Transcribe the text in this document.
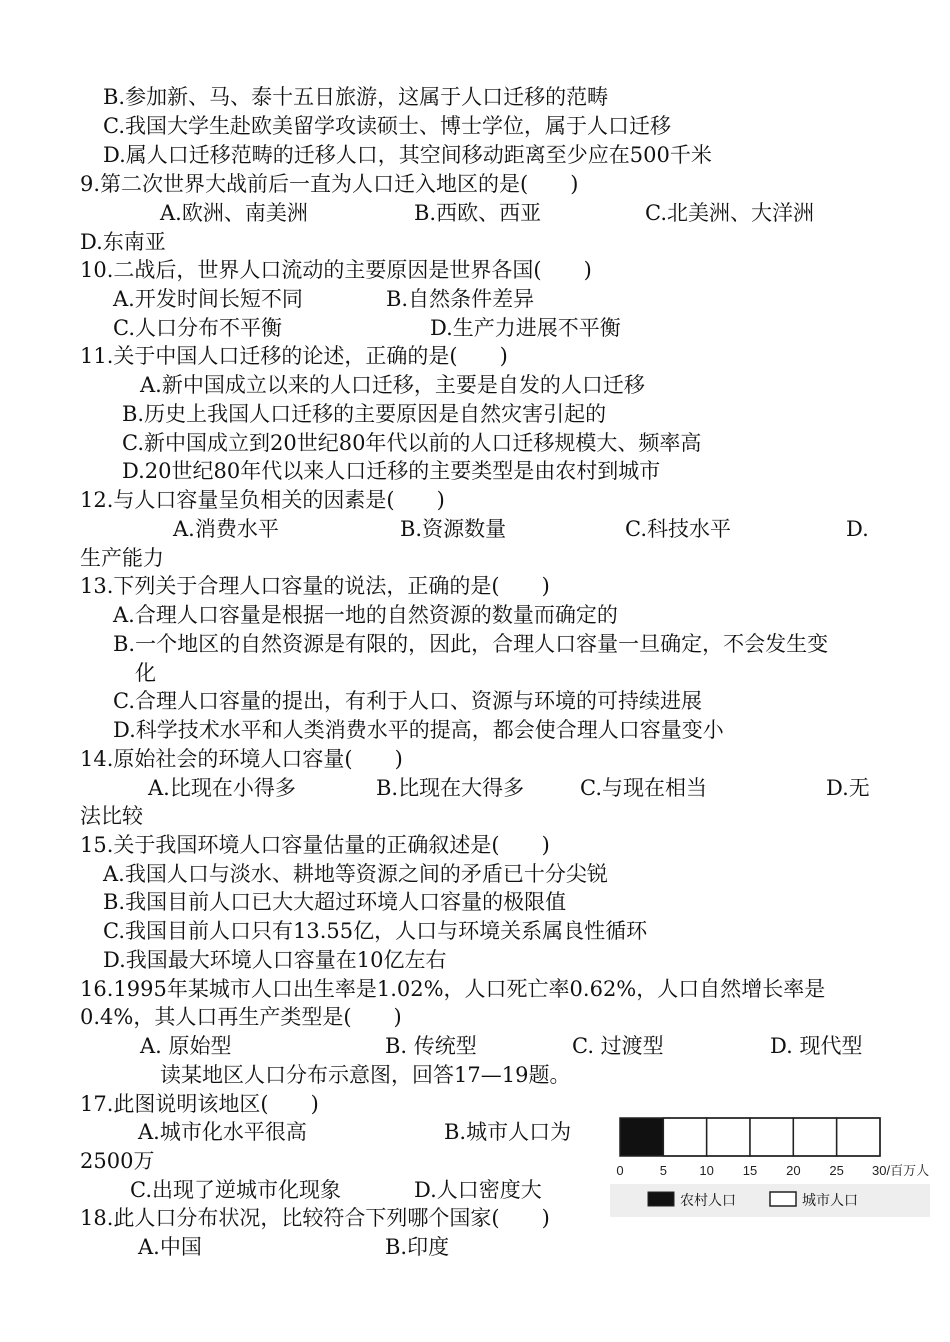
B.参加新、马、泰十五日旅游，这属于人口迁移的范畴
C.我国大学生赴欧美留学攻读硕士、博士学位，属于人口迁移
D.属人口迁移范畴的迁移人口，其空间移动距离至少应在500千米
9.第二次世界大战前后一直为人口迁入地区的是(　　)
A.欧洲、南美洲	B.西欧、西亚	C.北美洲、大洋洲
D.东南亚
10.二战后，世界人口流动的主要原因是世界各国(　　)
A.开发时间长短不同	B.自然条件差异
C.人口分布不平衡	D.生产力进展不平衡
11.关于中国人口迁移的论述，正确的是(　　)
A.新中国成立以来的人口迁移，主要是自发的人口迁移
B.历史上我国人口迁移的主要原因是自然灾害引起的
C.新中国成立到20世纪80年代以前的人口迁移规模大、频率高
D.20世纪80年代以来人口迁移的主要类型是由农村到城市
12.与人口容量呈负相关的因素是(　　)
A.消费水平	B.资源数量	C.科技水平	D.
生产能力
13.下列关于合理人口容量的说法，正确的是(　　)
A.合理人口容量是根据一地的自然资源的数量而确定的
B.一个地区的自然资源是有限的，因此，合理人口容量一旦确定，不会发生变
化
C.合理人口容量的提出，有利于人口、资源与环境的可持续进展
D.科学技术水平和人类消费水平的提高，都会使合理人口容量变小
14.原始社会的环境人口容量(　　)
A.比现在小得多	B.比现在大得多	C.与现在相当	D.无
法比较
15.关于我国环境人口容量估量的正确叙述是(　　)
A.我国人口与淡水、耕地等资源之间的矛盾已十分尖锐
B.我国目前人口已大大超过环境人口容量的极限值
C.我国目前人口只有13.55亿，人口与环境关系属良性循环
D.我国最大环境人口容量在10亿左右
16.1995年某城市人口出生率是1.02%，人口死亡率0.62%，人口自然增长率是
0.4%，其人口再生产类型是(　　)
A. 原始型	B. 传统型	C. 过渡型	D. 现代型
读某地区人口分布示意图，回答17—19题。
17.此图说明该地区(　　)
A.城市化水平很高	B.城市人口为
2500万
C.出现了逆城市化现象	D.人口密度大
18.此人口分布状况，比较符合下列哪个国家(　　)
A.中国	B.印度
0	5 10 15 20 25 30/百万人
农村人口	城市人口
